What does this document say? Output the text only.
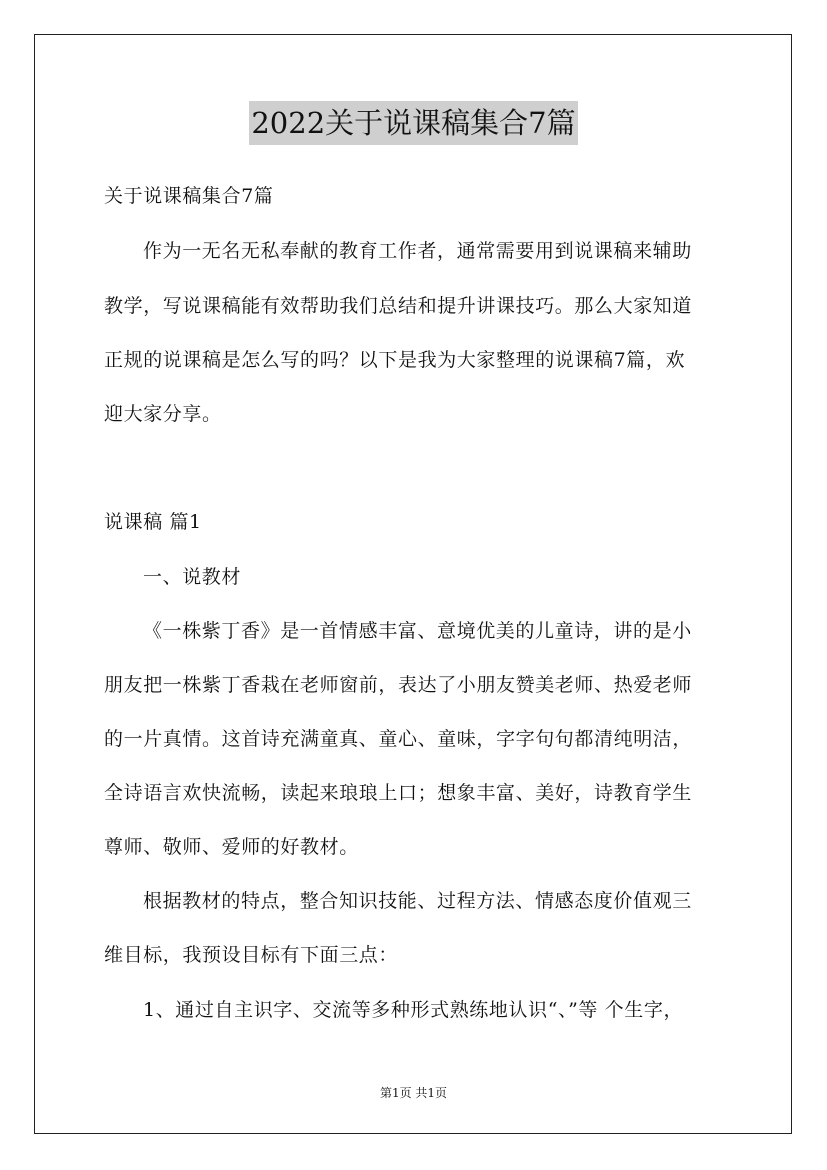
2022关于说课稿集合7篇
关于说课稿集合7篇
作为一无名无私奉献的教育工作者，通常需要用到说课稿来辅助
教学，写说课稿能有效帮助我们总结和提升讲课技巧。那么大家知道
正规的说课稿是怎么写的吗？以下是我为大家整理的说课稿7篇，欢
迎大家分享。
说课稿 篇1
一、说教材
《一株紫丁香》是一首情感丰富、意境优美的儿童诗，讲的是小
朋友把一株紫丁香栽在老师窗前，表达了小朋友赞美老师、热爱老师
的一片真情。这首诗充满童真、童心、童味，字字句句都清纯明洁，
全诗语言欢快流畅，读起来琅琅上口；想象丰富、美好，诗教育学生
尊师、敬师、爱师的好教材。
根据教材的特点，整合知识技能、过程方法、情感态度价值观三
维目标，我预设目标有下面三点：
1、通过自主识字、交流等多种形式熟练地认识“、”等 个生字，
第1页 共1页
